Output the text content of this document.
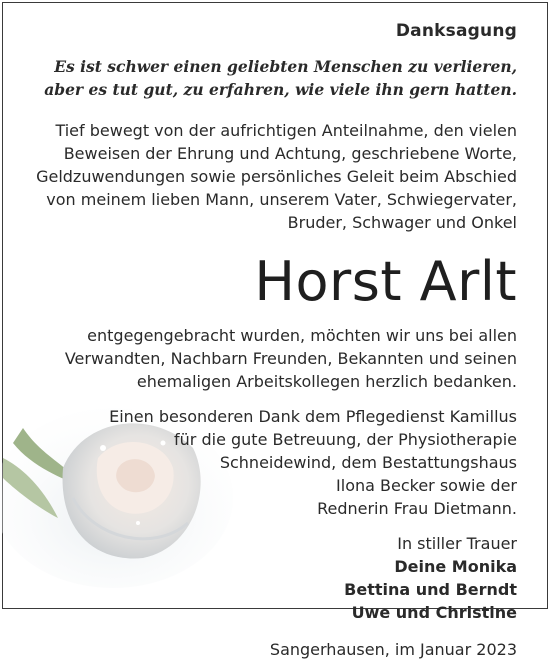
Danksagung
Es ist schwer einen geliebten Menschen zu verlieren,
aber es tut gut, zu erfahren, wie viele ihn gern hatten.
Tief bewegt von der aufrichtigen Anteilnahme, den vielen
Beweisen der Ehrung und Achtung, geschriebene Worte,
Geldzuwendungen sowie persönliches Geleit beim Abschied
von meinem lieben Mann, unserem Vater, Schwiegervater,
Bruder, Schwager und Onkel
Horst Arlt
entgegengebracht wurden, möchten wir uns bei allen
Verwandten, Nachbarn Freunden, Bekannten und seinen
ehemaligen Arbeitskollegen herzlich bedanken.
Einen besonderen Dank dem Pflegedienst Kamillus
für die gute Betreuung, der Physiotherapie
Schneidewind, dem Bestattungshaus
Ilona Becker sowie der
Rednerin Frau Dietmann.
In stiller Trauer
Deine Monika
Bettina und Berndt
Uwe und Christine
Sangerhausen, im Januar 2023
